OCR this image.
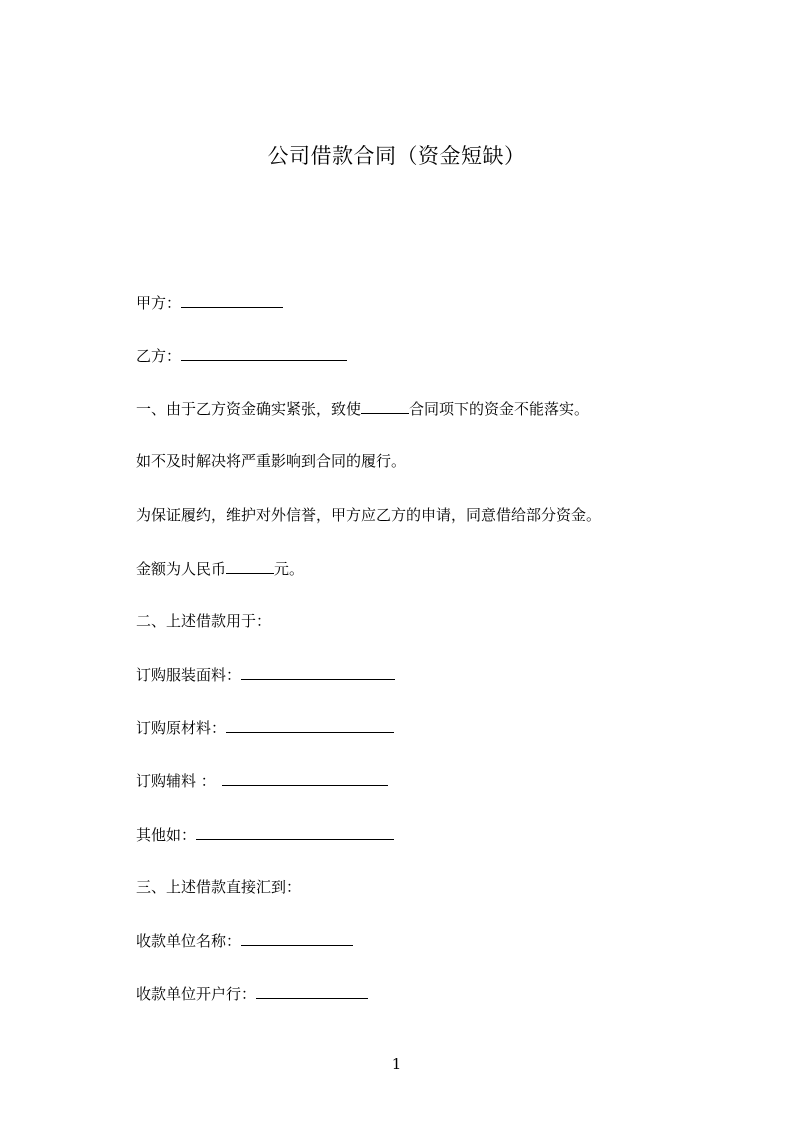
公司借款合同（资金短缺）
甲方：
乙方：
一、由于乙方资金确实紧张，致使	合同项下的资金不能落实。
如不及时解决将严重影响到合同的履行。
为保证履约，维护对外信誉，甲方应乙方的申请，同意借给部分资金。
金额为人民币	元。
二、上述借款用于：
订购服装面料：
订购原材料：
订购辅料 ：
其他如：
三、上述借款直接汇到：
收款单位名称：
收款单位开户行：
1
